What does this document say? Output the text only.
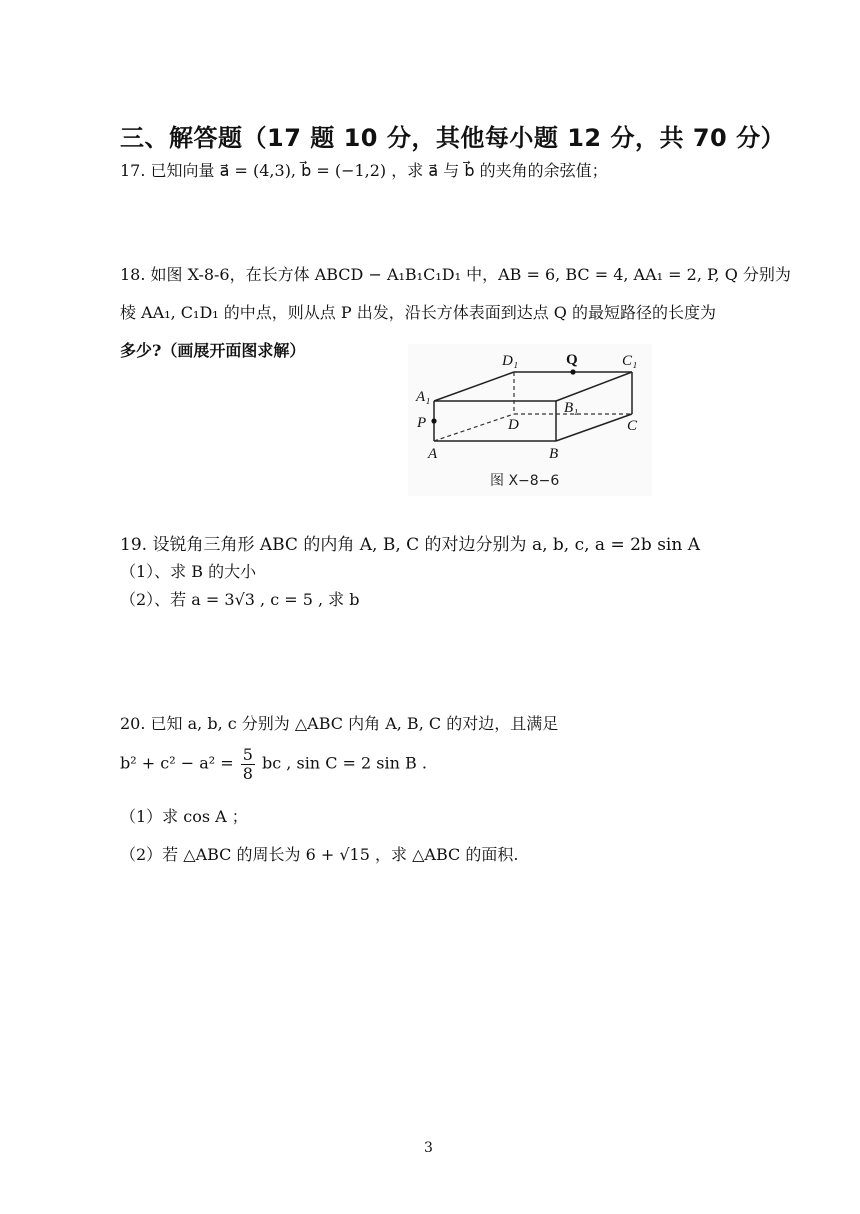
三、解答题（17 题 10 分，其他每小题 12 分，共 70 分）
17. 已知向量 a⃗ = (4,3), b⃗ = (−1,2) ，求 a⃗ 与 b⃗ 的夹角的余弦值；
18. 如图 X-8-6，在长方体 ABCD − A₁B₁C₁D₁ 中，AB = 6, BC = 4, AA₁ = 2, P, Q 分别为
棱 AA₁, C₁D₁ 的中点，则从点 P 出发，沿长方体表面到达点 Q 的最短路径的长度为
多少?（画展开面图求解）
D₁	Q	C₁
A₁
B₁
P	D	C
A	B
图 X−8−6
19. 设锐角三角形 ABC 的内角 A, B, C 的对边分别为 a, b, c, a = 2b sin A
（1）、求 B 的大小
（2）、若 a = 3√3 , c = 5 , 求 b
20. 已知 a, b, c 分别为 △ABC 内角 A, B, C 的对边，且满足
$b^2 + c^2 - a^2 = \frac{5}{8}$ bc , sin C = 2 sin B .
（1）求 cos A ；
（2）若 △ABC 的周长为 6 + √15 ，求 △ABC 的面积.
3
